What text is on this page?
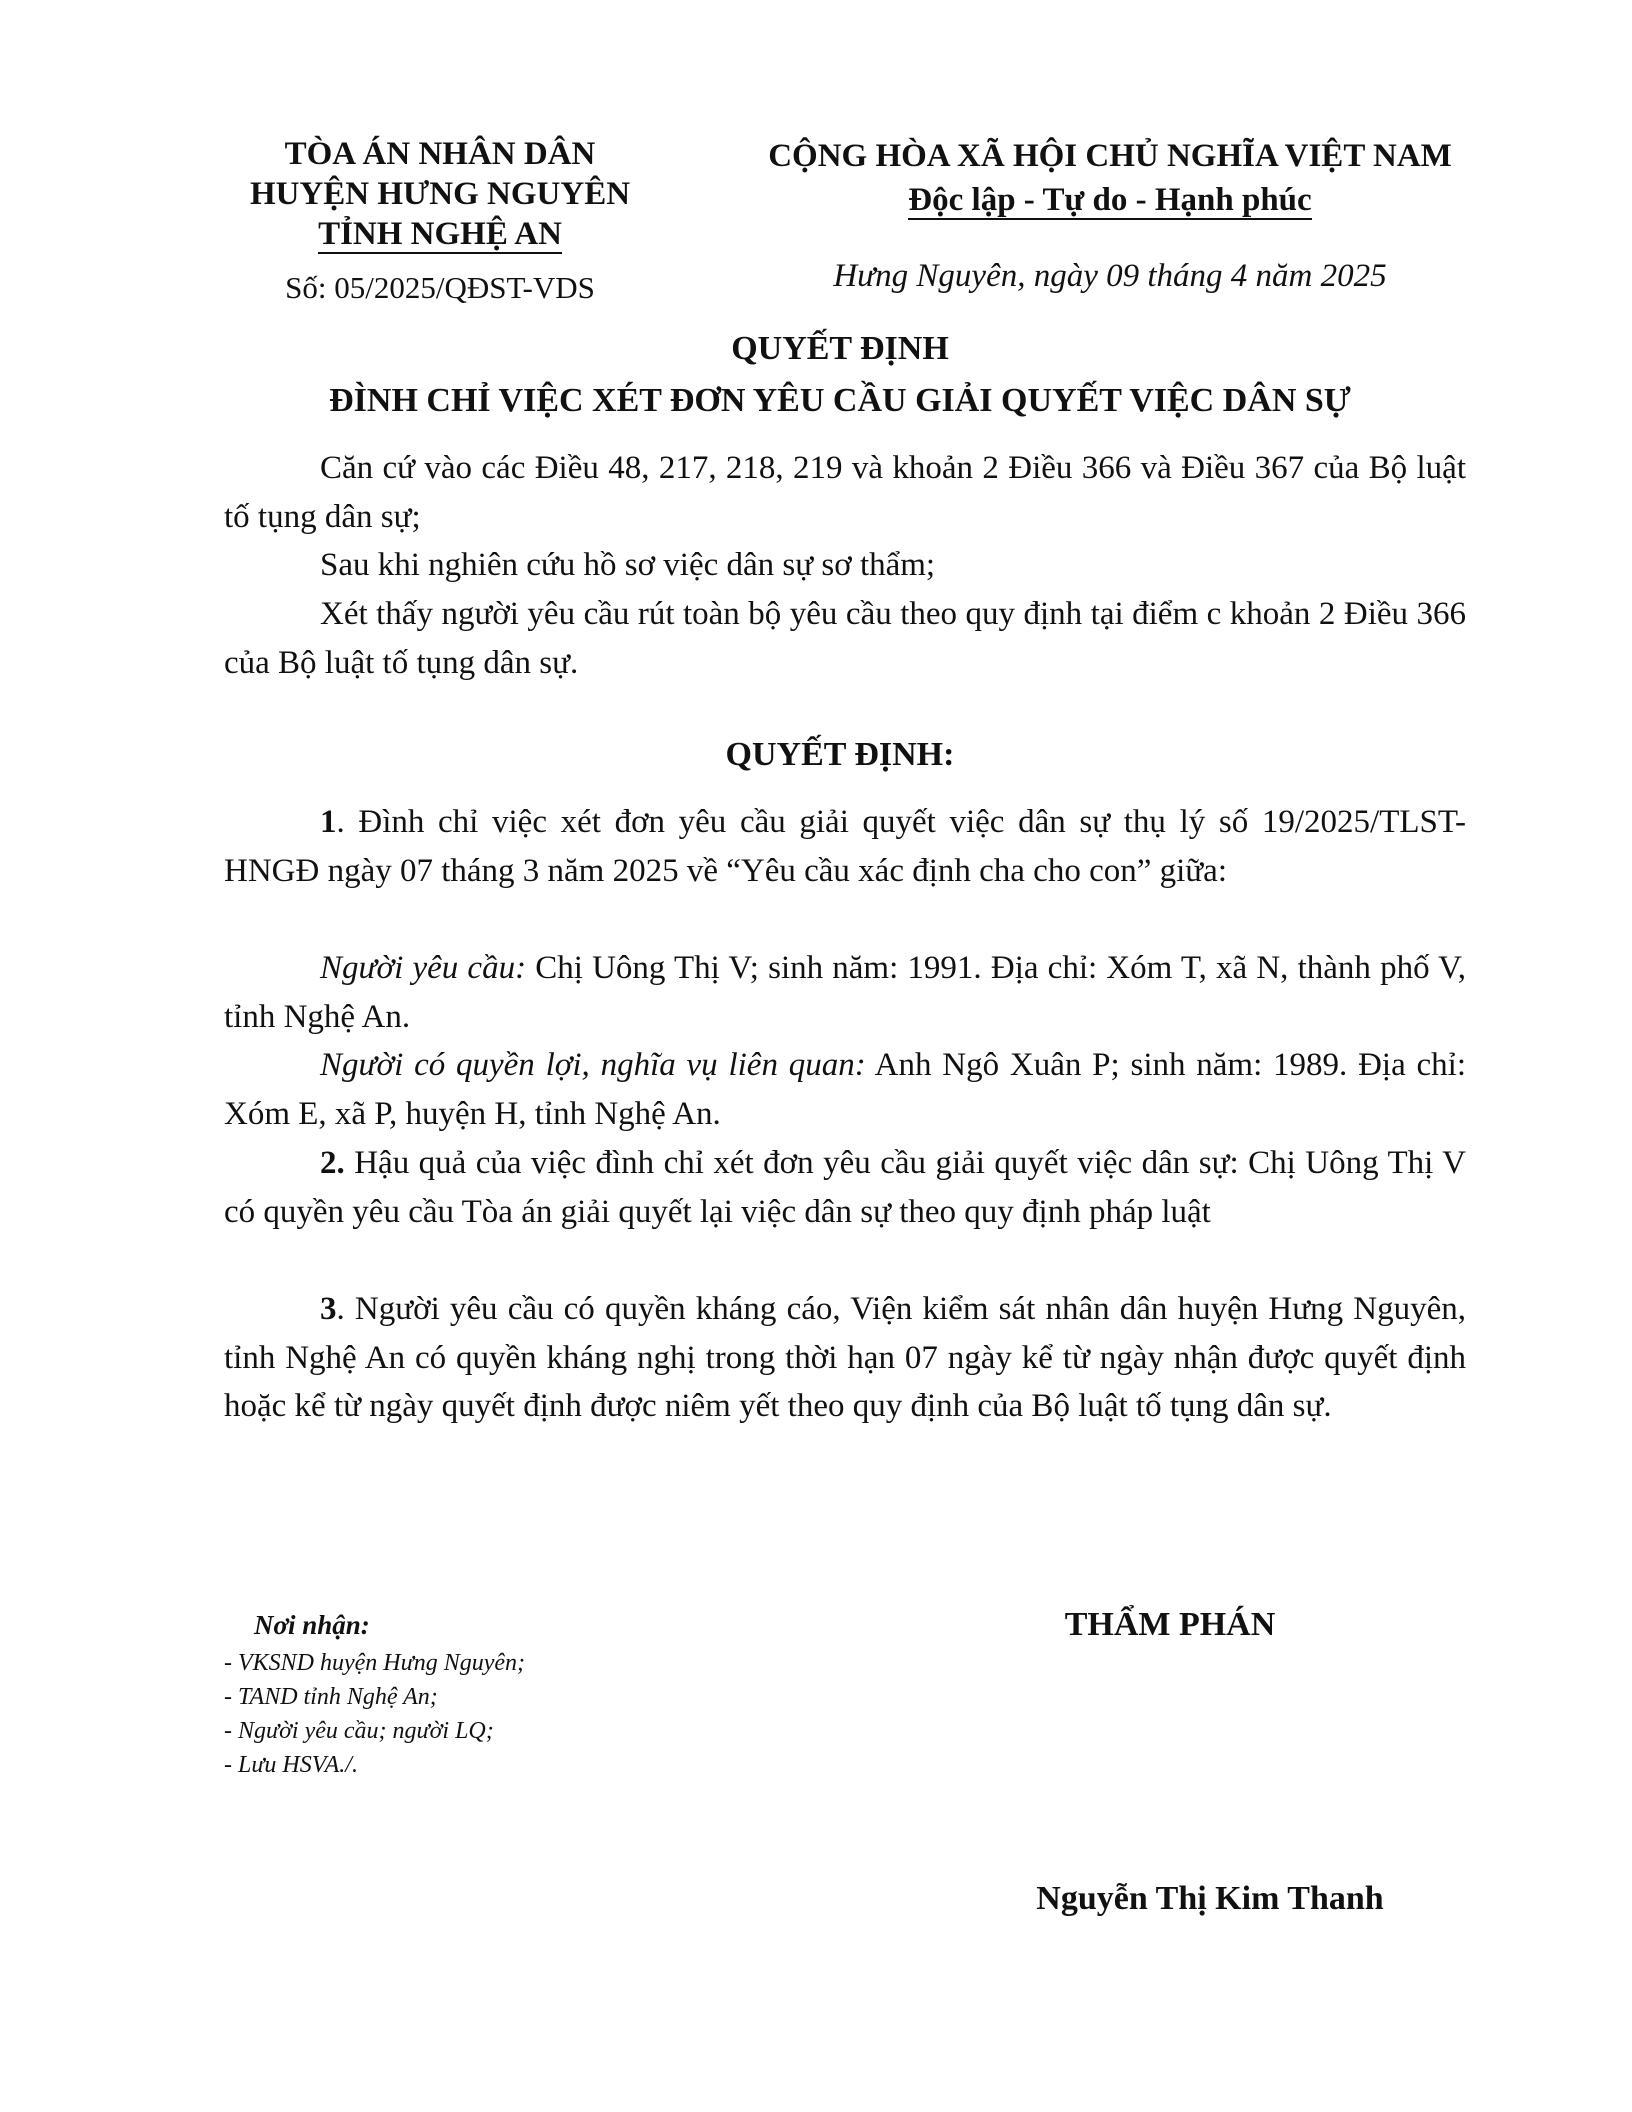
TÒA ÁN NHÂN DÂN
HUYỆN HƯNG NGUYÊN
TỈNH NGHỆ AN
Số: 05/2025/QĐST-VDS
CỘNG HÒA XÃ HỘI CHỦ NGHĨA VIỆT NAM
Độc lập - Tự do - Hạnh phúc
Hưng Nguyên, ngày 09 tháng 4 năm 2025
QUYẾT ĐỊNH
ĐÌNH CHỈ VIỆC XÉT ĐƠN YÊU CẦU GIẢI QUYẾT VIỆC DÂN SỰ

Căn cứ vào các Điều 48, 217, 218, 219 và khoản 2 Điều 366 và Điều 367 của Bộ luật tố tụng dân sự;

Sau khi nghiên cứu hồ sơ việc dân sự sơ thẩm;

Xét thấy người yêu cầu rút toàn bộ yêu cầu theo quy định tại điểm c khoản 2 Điều 366 của Bộ luật tố tụng dân sự.

QUYẾT ĐỊNH:

1. Đình chỉ việc xét đơn yêu cầu giải quyết việc dân sự thụ lý số 19/2025/TLST-HNGĐ ngày 07 tháng 3 năm 2025 về “Yêu cầu xác định cha cho con” giữa:

Người yêu cầu: Chị Uông Thị V; sinh năm: 1991. Địa chỉ: Xóm T, xã N, thành phố V, tỉnh Nghệ An.

Người có quyền lợi, nghĩa vụ liên quan: Anh Ngô Xuân P; sinh năm: 1989. Địa chỉ: Xóm E, xã P, huyện H, tỉnh Nghệ An.

2. Hậu quả của việc đình chỉ xét đơn yêu cầu giải quyết việc dân sự: Chị Uông Thị V có quyền yêu cầu Tòa án giải quyết lại việc dân sự theo quy định pháp luật

3. Người yêu cầu có quyền kháng cáo, Viện kiểm sát nhân dân huyện Hưng Nguyên, tỉnh Nghệ An có quyền kháng nghị trong thời hạn 07 ngày kể từ ngày nhận được quyết định hoặc kể từ ngày quyết định được niêm yết theo quy định của Bộ luật tố tụng dân sự.

Nơi nhận:
- VKSND huyện Hưng Nguyên;
- TAND tỉnh Nghệ An;
- Người yêu cầu; người LQ;
- Lưu HSVA./.
THẨM PHÁN
Nguyễn Thị Kim Thanh
